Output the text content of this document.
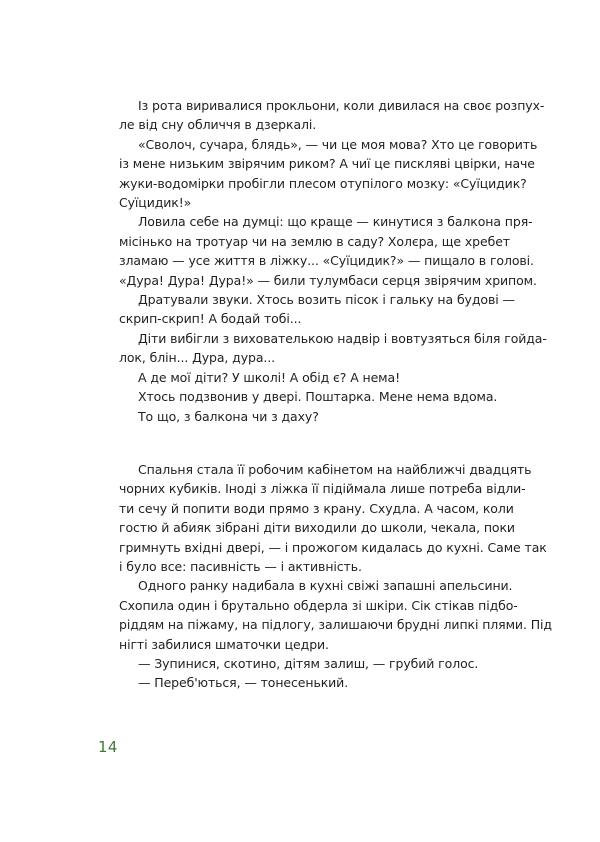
Із рота виривалися прокльони, коли дивилася на своє розпух-
ле від сну обличчя в дзеркалі.

«Сволоч, сучара, блядь», — чи це моя мова? Хто це говорить
із мене низьким звірячим риком? А чиї це пискляві цвірки, наче
жуки-водомірки пробігли плесом отупілого мозку: «Суїцидик?
Суїцидик!»

Ловила себе на думці: що краще — кинутися з балкона пря-
місінько на тротуар чи на землю в саду? Холєра, ще хребет
зламаю — усе життя в ліжку... «Суїцидик?» — пищало в голові.
«Дура! Дура! Дура!» — били тулумбаси серця звірячим хрипом.

Дратували звуки. Хтось возить пісок і гальку на будові —
скрип-скрип! А бодай тобі...

Діти вибігли з вихователькою надвір і вовтузяться біля гойда-
лок, блін... Дура, дура...

А де мої діти? У школі! А обід є? А нема!

Хтось подзвонив у двері. Поштарка. Мене нема вдома.

То що, з балкона чи з даху?

Спальня стала її робочим кабінетом на найближчі двадцять
чорних кубиків. Іноді з ліжка її підіймала лише потреба відли-
ти сечу й попити води прямо з крану. Схудла. А часом, коли
гостю й абияк зібрані діти виходили до школи, чекала, поки
гримнуть вхідні двері, — і прожогом кидалась до кухні. Саме так
і було все: пасивність — і активність.

Одного ранку надибала в кухні свіжі запашні апельсини.
Схопила один і брутально обдерла зі шкіри. Сік стікав підбо-
ріддям на піжаму, на підлогу, залишаючи брудні липкі плями. Під
нігті забилися шматочки цедри.

— Зупинися, скотино, дітям залиш, — грубий голос.

— Переб'ються, — тонесенький.

14
